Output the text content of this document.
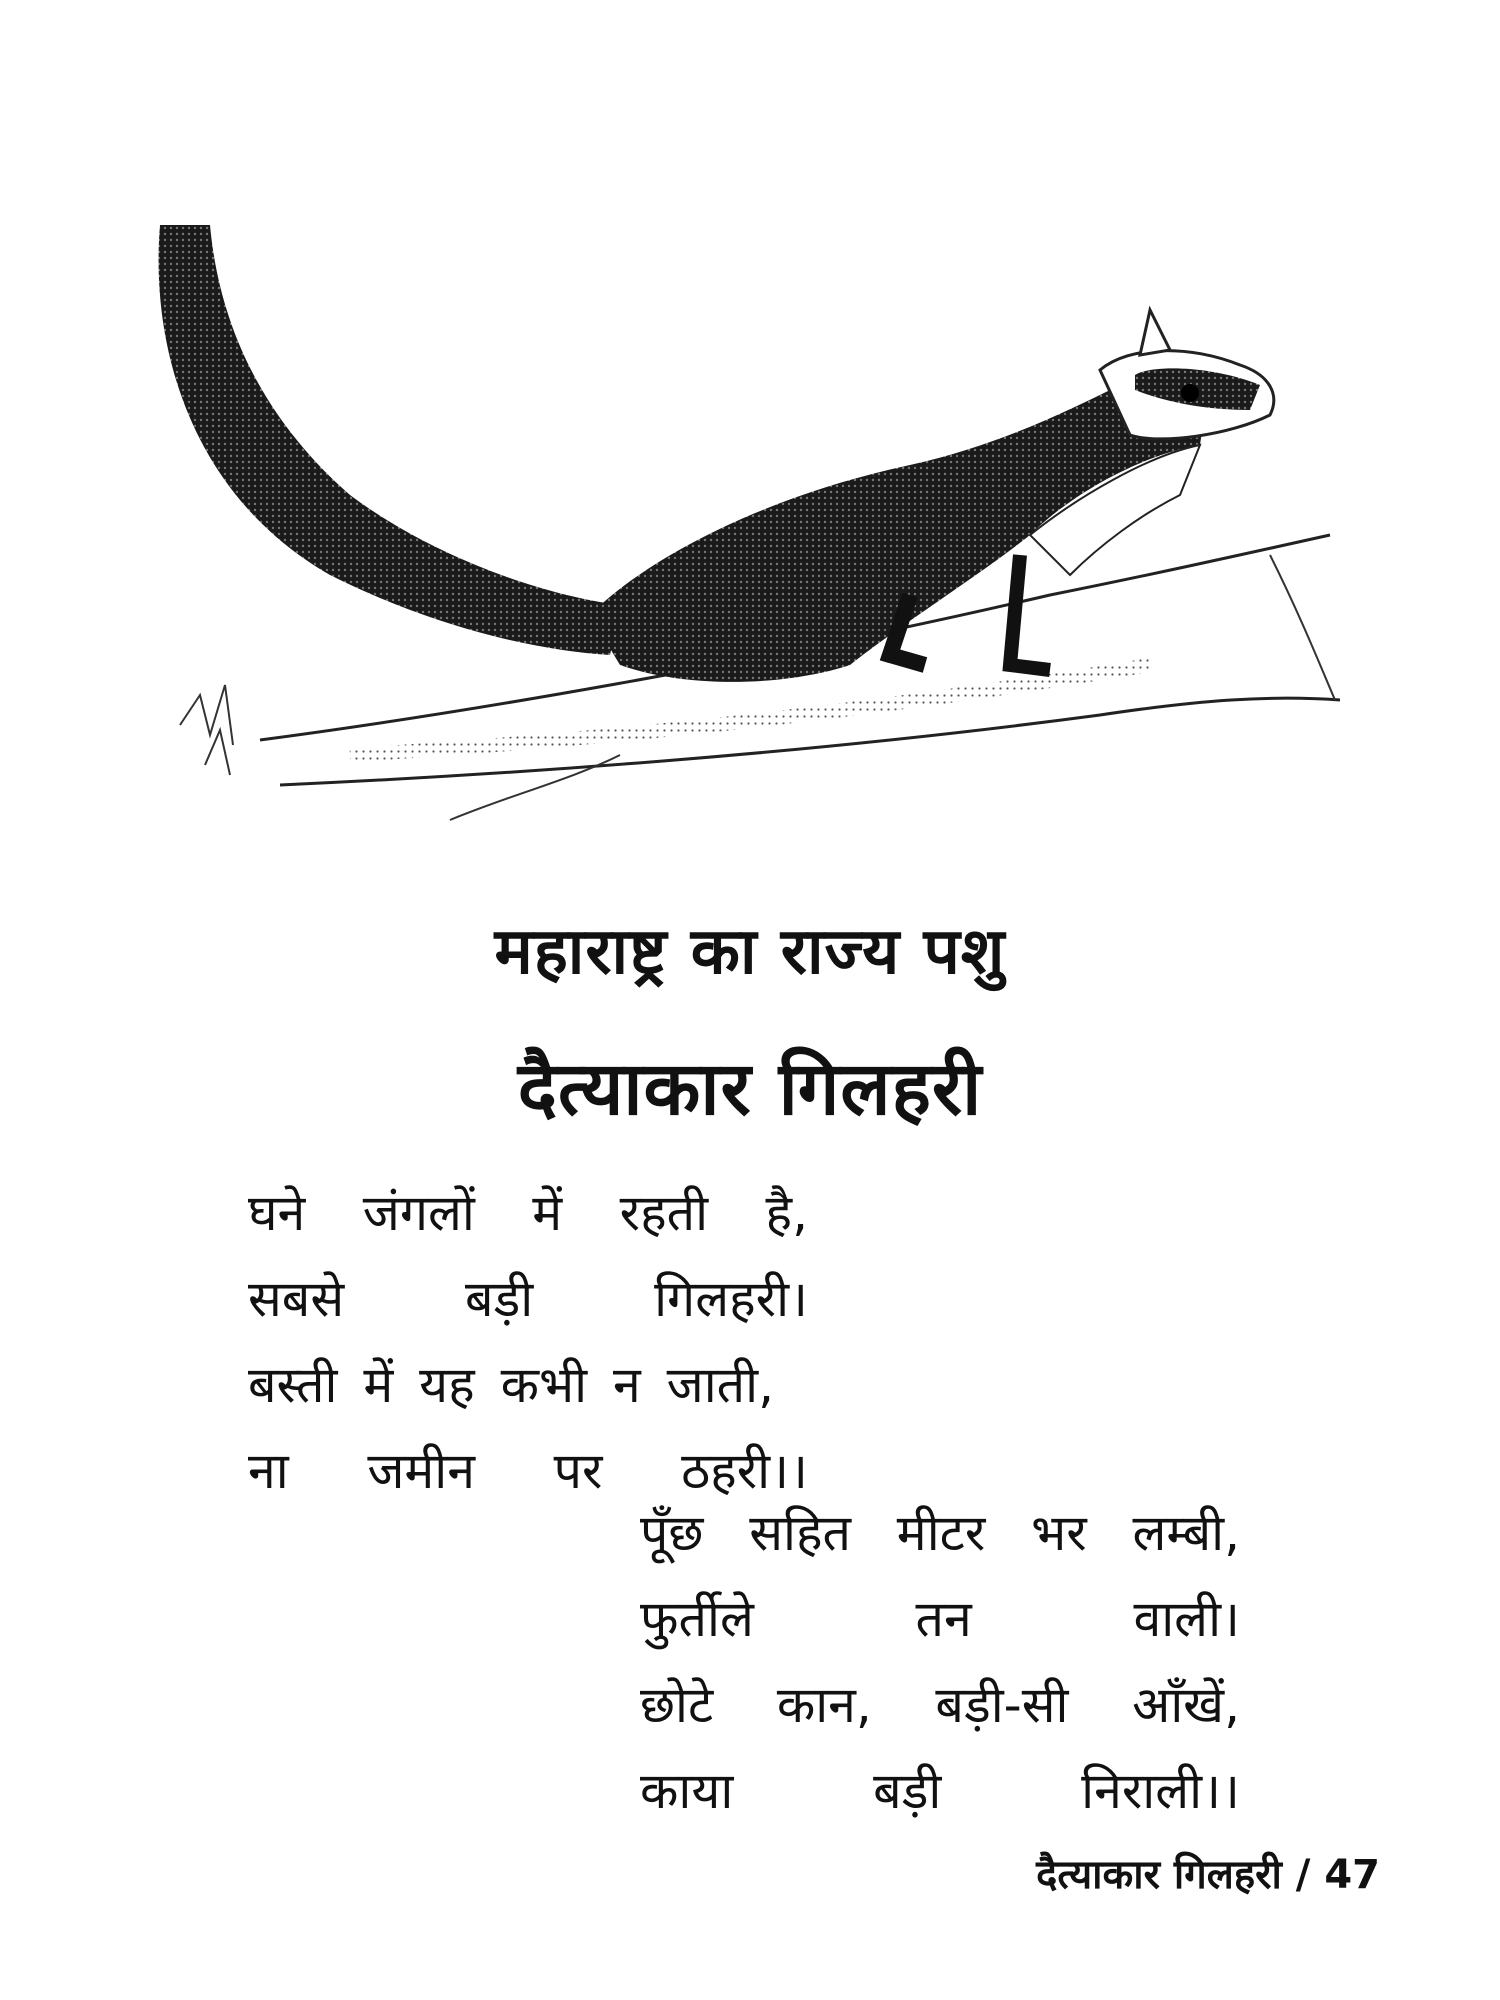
महाराष्ट्र का राज्य पशु
दैत्याकार गिलहरी
घने जंगलों में रहती है,
सबसे बड़ी गिलहरी।
बस्ती में यह कभी न जाती,
ना जमीन पर ठहरी।।
पूँछ सहित मीटर भर लम्बी,
फुर्तीले	तन	वाली।
छोटे कान, बड़ी-सी आँखें,
काया	बड़ी	निराली।।
दैत्याकार गिलहरी / 47
